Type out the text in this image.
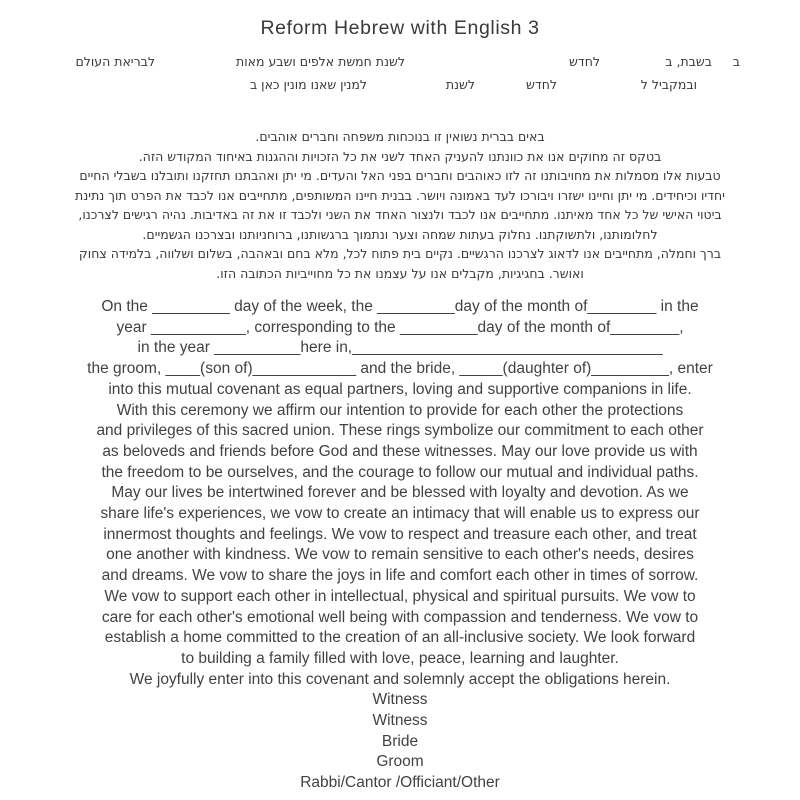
Reform Hebrew with English 3
ב
בשבת, ב
לחדש
לשנת חמשת אלפים ושבע מאות
לבריאת העולם
ובמקביל ל
לחדש
לשנת
למנין שאנו מונין כאן ב
באים בברית נשואין זו בנוכחות משפחה וחברים אוהבים.
בטקס זה מחוקים אנו את כוונתנו להעניק האחד לשני את כל הזכויות וההגנות באיחוד המקודש הזה.
טבעות אלו מסמלות את מחויבותנו זה לזו כאוהבים וחברים בפני האל והעדים. מי יתן ואהבתנו תחזקנו ותובלנו בשבלי החיים
יחדיו וכיחידים. מי יתן וחיינו ישזרו ויבורכו לעד באמונה ויושר. בבנית חיינו המשותפים, מתחייבים אנו לכבד את הפרט תוך נתינת
ביטוי האישי של כל אחד מאיתנו. מתחייבים אנו לכבד ולנצור האחד את השני ולכבד זו את זה באדיבות. נהיה רגישים לצרכנו,
לחלומותנו, ולתשוקתנו. נחלוק בעתות שמחה וצער ונתמוך ברגשותנו, ברוחניותנו ובצרכנו הגשמיים.
ברך וחמלה, מתחייבים אנו לדאוג לצרכנו הרגשיים. נקיים בית פתוח לכל, מלא בחם ובאהבה, בשלום ושלווה, בלמידה צחוק
ואושר. בחגיגיות, מקבלים אנו על עצמנו את כל מחוייביות הכתובה הזו.
On the _________ day of the week, the _________day of the month of________ in the
year ___________, corresponding to the _________day of the month of________,
in the year __________here in,____________________________________
the groom, ____(son of)____________ and the bride, _____(daughter of)_________, enter
into this mutual covenant as equal partners, loving and supportive companions in life.
With this ceremony we affirm our intention to provide for each other the protections
and privileges of this sacred union. These rings symbolize our commitment to each other
as beloveds and friends before God and these witnesses. May our love provide us with
the freedom to be ourselves, and the courage to follow our mutual and individual paths.
May our lives be intertwined forever and be blessed with loyalty and devotion. As we
share life's experiences, we vow to create an intimacy that will enable us to express our
innermost thoughts and feelings. We vow to respect and treasure each other, and treat
one another with kindness. We vow to remain sensitive to each other's needs, desires
and dreams. We vow to share the joys in life and comfort each other in times of sorrow.
We vow to support each other in intellectual, physical and spiritual pursuits. We vow to
care for each other's emotional well being with compassion and tenderness. We vow to
establish a home committed to the creation of an all-inclusive society. We look forward
to building a family filled with love, peace, learning and laughter.
We joyfully enter into this covenant and solemnly accept the obligations herein.
Witness
Witness
Bride
Groom
Rabbi/Cantor /Officiant/Other
